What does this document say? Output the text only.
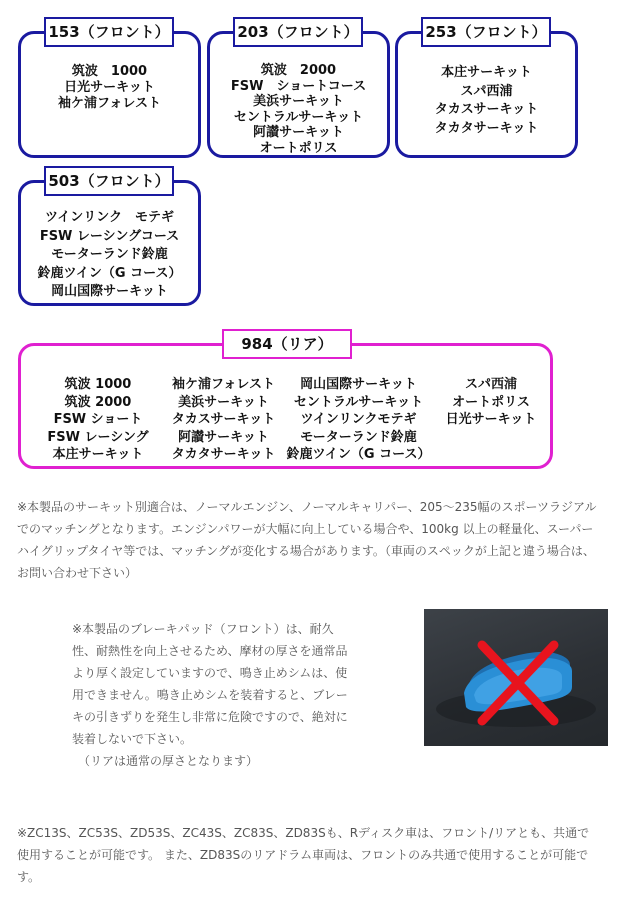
筑波　1000
日光サーキット
袖ケ浦フォレスト
153（フロント）
筑波　2000
FSW　ショートコース
美浜サーキット
セントラルサーキット
阿讃サーキット
オートポリス
203（フロント）
本庄サーキット
スパ西浦
タカスサーキット
タカタサーキット
253（フロント）
ツインリンク　モテギ
FSW レーシングコース
モーターランド鈴鹿
鈴鹿ツイン（G コース）
岡山国際サーキット
503（フロント）
筑波 1000
筑波 2000
FSW ショート
FSW レーシング
本庄サーキット
袖ケ浦フォレスト
美浜サーキット
タカスサーキット
阿讃サーキット
タカタサーキット
岡山国際サーキット
セントラルサーキット
ツインリンクモテギ
モーターランド鈴鹿
鈴鹿ツイン（G コース）
スパ西浦
オートポリス
日光サーキット
984（リア）
※本製品のサーキット別適合は、ノーマルエンジン、ノーマルキャリパー、205～235幅のスポーツラジアル
でのマッチングとなります。エンジンパワーが大幅に向上している場合や、100kg 以上の軽量化、スーパー
ハイグリップタイヤ等では、マッチングが変化する場合があります。（車両のスペックが上記と違う場合は、
お問い合わせ下さい）
※本製品のブレーキパッド（フロント）は、耐久
性、耐熱性を向上させるため、摩材の厚さを通常品
より厚く設定していますので、鳴き止めシムは、使
用できません。鳴き止めシムを装着すると、ブレー
キの引きずりを発生し非常に危険ですので、絶対に
装着しないで下さい。
（リアは通常の厚さとなります）
※ZC13S、ZC53S、ZD53S、ZC43S、ZC83S、ZD83Sも、Rディスク車は、フロント/リアとも、共通で
使用することが可能です。 また、ZD83Sのリアドラム車両は、フロントのみ共通で使用することが可能で
す。
